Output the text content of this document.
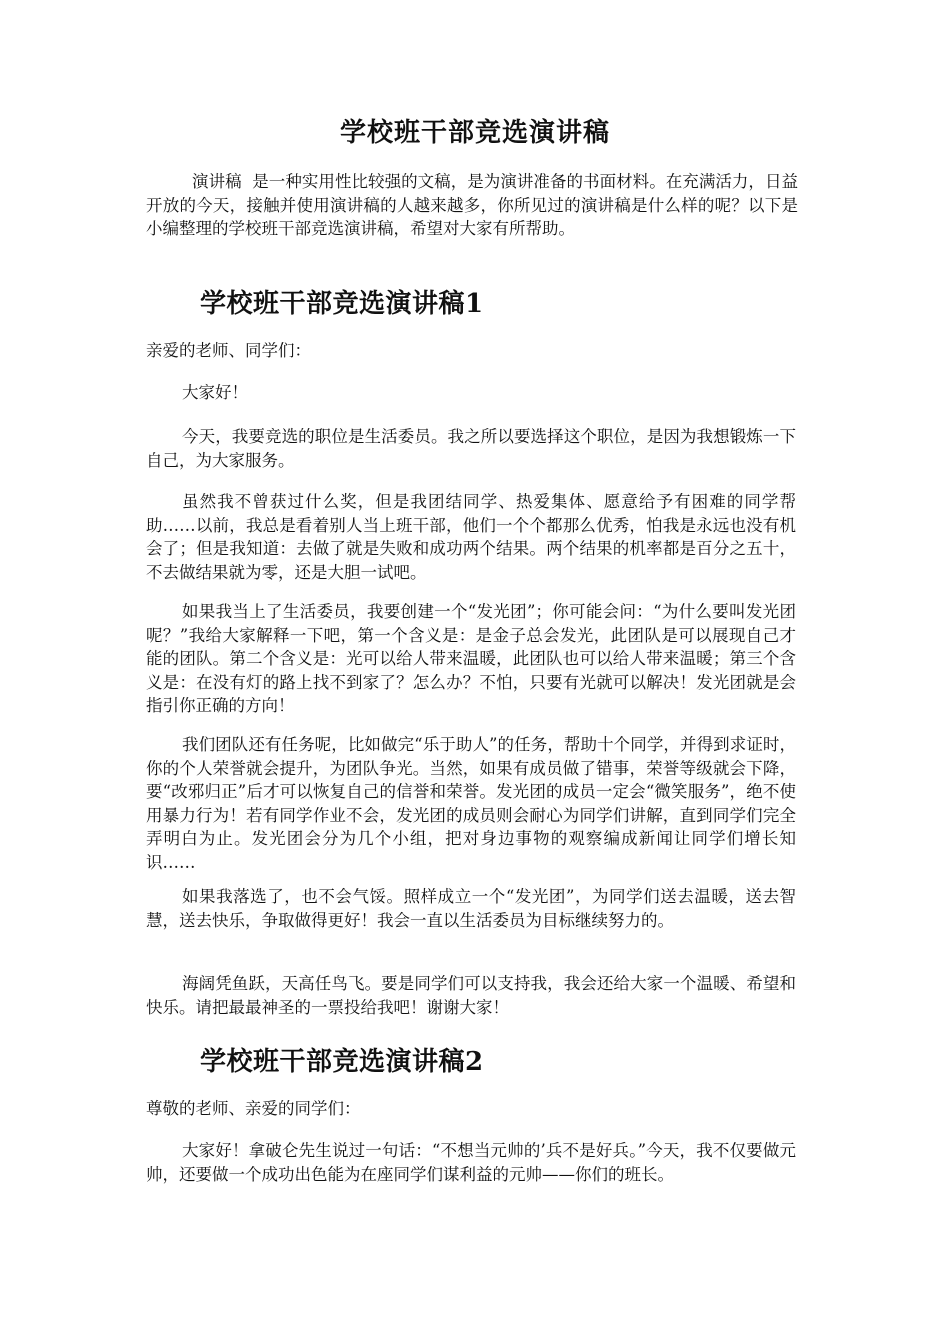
学校班干部竞选演讲稿

演讲稿 是一种实用性比较强的文稿，是为演讲准备的书面材料。在充满活力，日益开放的今天，接触并使用演讲稿的人越来越多，你所见过的演讲稿是什么样的呢？以下是小编整理的学校班干部竞选演讲稿，希望对大家有所帮助。

学校班干部竞选演讲稿1

亲爱的老师、同学们：

大家好！

今天，我要竞选的职位是生活委员。我之所以要选择这个职位，是因为我想锻炼一下自己，为大家服务。

虽然我不曾获过什么奖，但是我团结同学、热爱集体、愿意给予有困难的同学帮助……以前，我总是看着别人当上班干部，他们一个个都那么优秀，怕我是永远也没有机会了；但是我知道：去做了就是失败和成功两个结果。两个结果的机率都是百分之五十，不去做结果就为零，还是大胆一试吧。

如果我当上了生活委员，我要创建一个“发光团”；你可能会问：“为什么要叫发光团呢？”我给大家解释一下吧，第一个含义是：是金子总会发光，此团队是可以展现自己才能的团队。第二个含义是：光可以给人带来温暖，此团队也可以给人带来温暖；第三个含义是：在没有灯的路上找不到家了？怎么办？不怕，只要有光就可以解决！发光团就是会指引你正确的方向！

我们团队还有任务呢，比如做完“乐于助人”的任务，帮助十个同学，并得到求证时，你的个人荣誉就会提升，为团队争光。当然，如果有成员做了错事，荣誉等级就会下降，要“改邪归正”后才可以恢复自己的信誉和荣誉。发光团的成员一定会“微笑服务”，绝不使用暴力行为！若有同学作业不会，发光团的成员则会耐心为同学们讲解，直到同学们完全弄明白为止。发光团会分为几个小组，把对身边事物的观察编成新闻让同学们增长知识……

如果我落选了，也不会气馁。照样成立一个“发光团”，为同学们送去温暖，送去智慧，送去快乐，争取做得更好！我会一直以生活委员为目标继续努力的。

海阔凭鱼跃，天高任鸟飞。要是同学们可以支持我，我会还给大家一个温暖、希望和快乐。请把最最神圣的一票投给我吧！谢谢大家！

学校班干部竞选演讲稿2

尊敬的老师、亲爱的同学们：

大家好！拿破仑先生说过一句话：“不想当元帅的’兵不是好兵。”今天，我不仅要做元帅，还要做一个成功出色能为在座同学们谋利益的元帅——你们的班长。
